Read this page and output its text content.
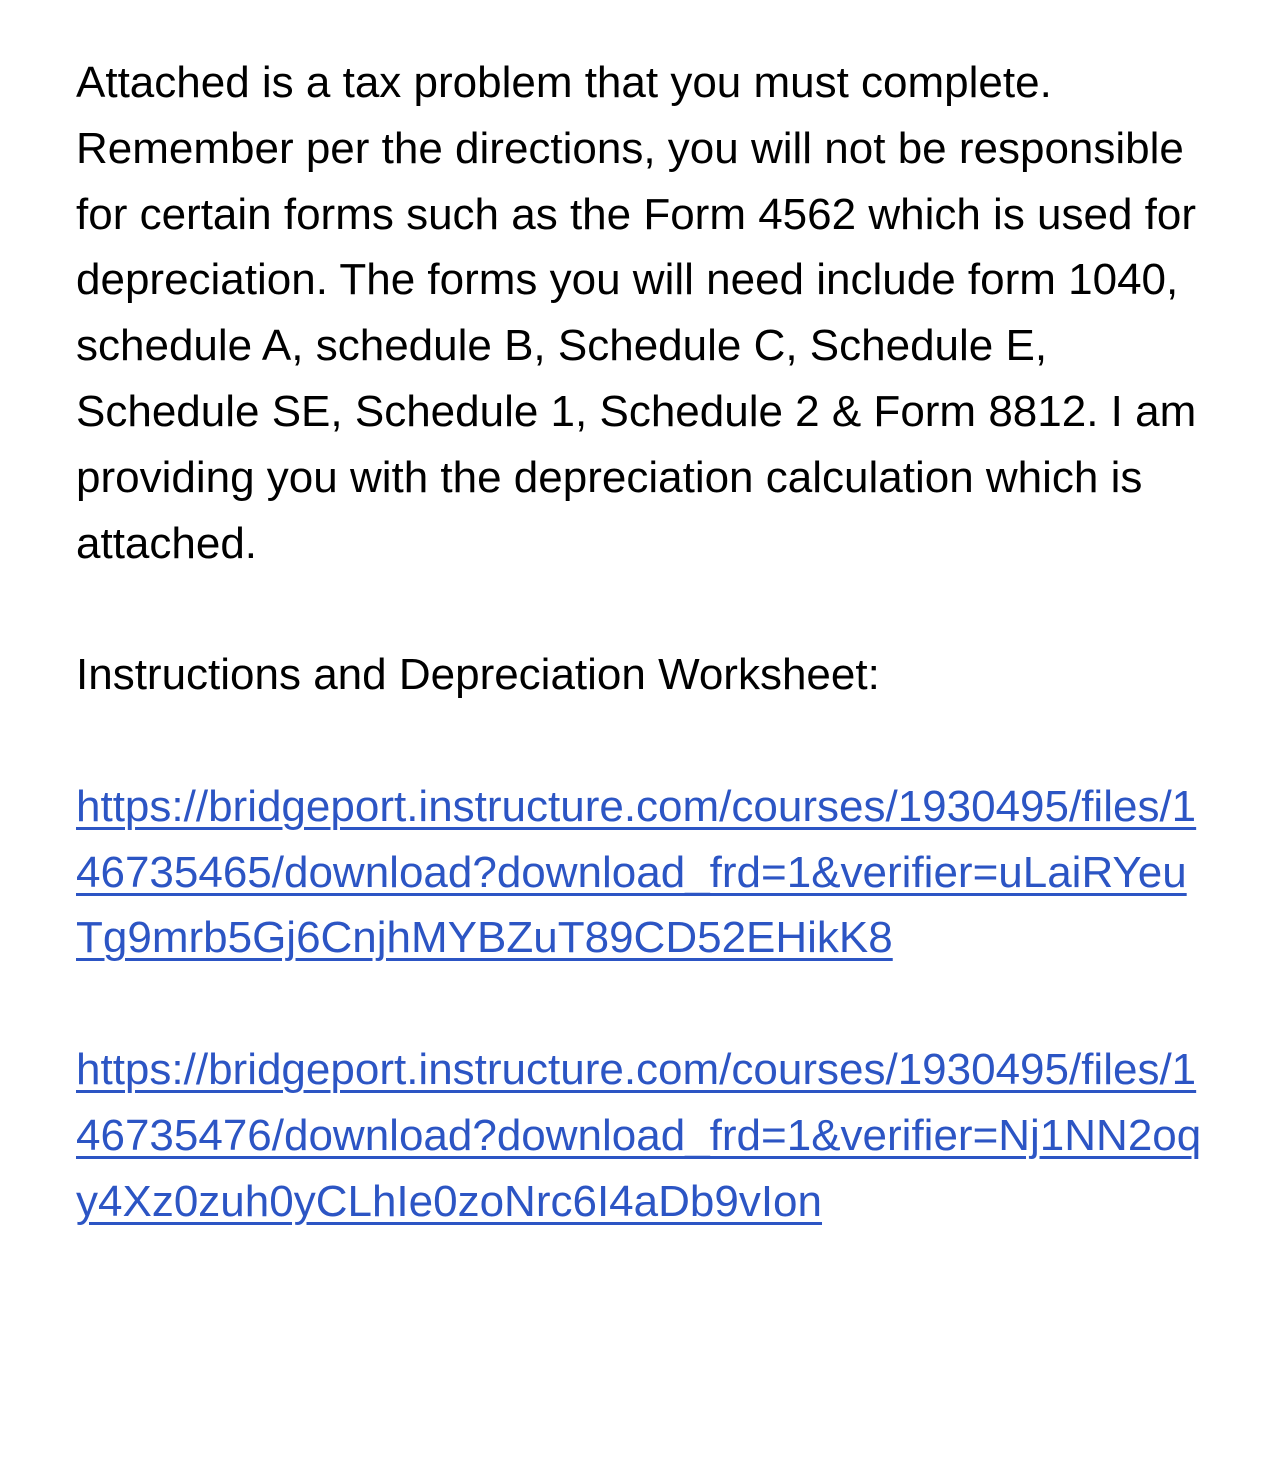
Attached is a tax problem that you must complete. Remember per the directions, you will not be responsible for certain forms such as the Form 4562 which is used for depreciation. The forms you will need include form 1040, schedule A, schedule B, Schedule C, Schedule E, Schedule SE, Schedule 1, Schedule 2 & Form 8812. I am providing you with the depreciation calculation which is attached.

Instructions and Depreciation Worksheet:

https://bridgeport.instructure.com/courses/1930495/files/146735465/download?download_frd=1&verifier=uLaiRYeuTg9mrb5Gj6CnjhMYBZuT89CD52EHikK8
https://bridgeport.instructure.com/courses/1930495/files/146735476/download?download_frd=1&verifier=Nj1NN2oqy4Xz0zuh0yCLhIe0zoNrc6I4aDb9vIon
